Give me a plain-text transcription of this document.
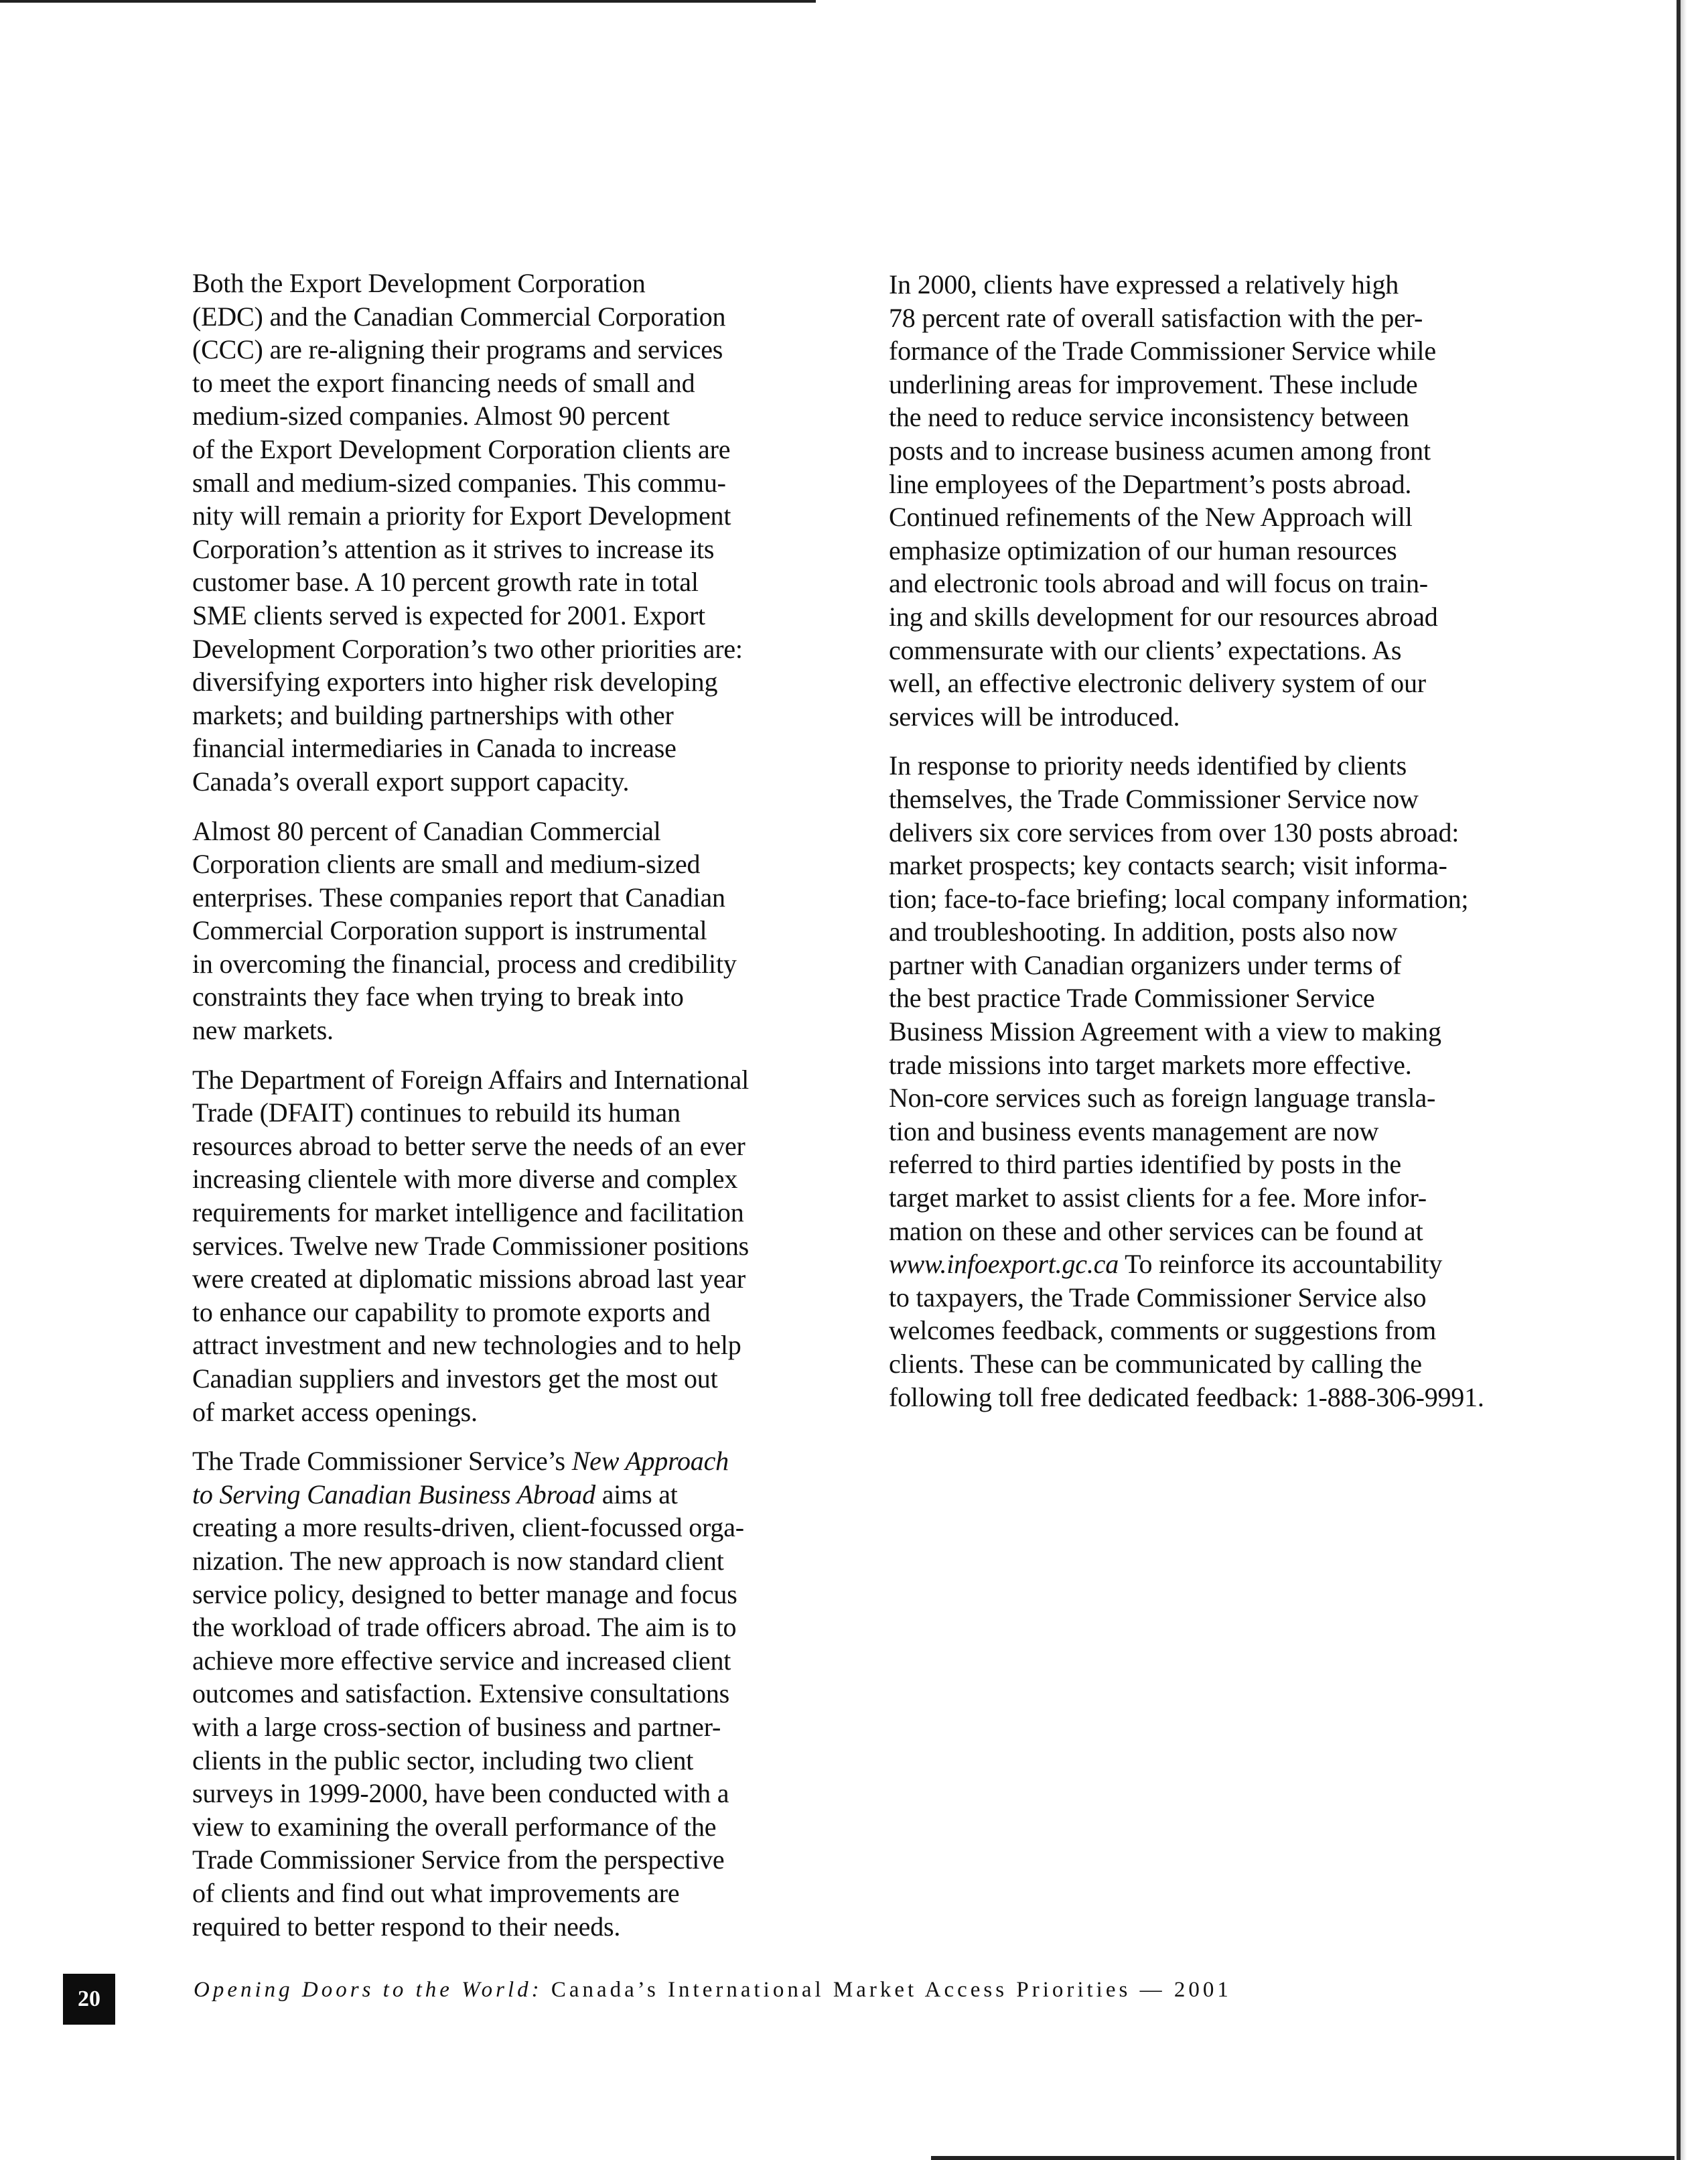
Both the Export Development Corporation
(EDC) and the Canadian Commercial Corporation
(CCC) are re-aligning their programs and services
to meet the export financing needs of small and
medium-sized companies. Almost 90 percent
of the Export Development Corporation clients are
small and medium-sized companies. This commu-
nity will remain a priority for Export Development
Corporation’s attention as it strives to increase its
customer base. A 10 percent growth rate in total
SME clients served is expected for 2001. Export
Development Corporation’s two other priorities are:
diversifying exporters into higher risk developing
markets; and building partnerships with other
financial intermediaries in Canada to increase
Canada’s overall export support capacity.

Almost 80 percent of Canadian Commercial
Corporation clients are small and medium-sized
enterprises. These companies report that Canadian
Commercial Corporation support is instrumental
in overcoming the financial, process and credibility
constraints they face when trying to break into
new markets.

The Department of Foreign Affairs and International
Trade (DFAIT) continues to rebuild its human
resources abroad to better serve the needs of an ever
increasing clientele with more diverse and complex
requirements for market intelligence and facilitation
services. Twelve new Trade Commissioner positions
were created at diplomatic missions abroad last year
to enhance our capability to promote exports and
attract investment and new technologies and to help
Canadian suppliers and investors get the most out
of market access openings.

The Trade Commissioner Service’s New Approach
to Serving Canadian Business Abroad aims at
creating a more results-driven, client-focussed orga-
nization. The new approach is now standard client
service policy, designed to better manage and focus
the workload of trade officers abroad. The aim is to
achieve more effective service and increased client
outcomes and satisfaction. Extensive consultations
with a large cross-section of business and partner-
clients in the public sector, including two client
surveys in 1999-2000, have been conducted with a
view to examining the overall performance of the
Trade Commissioner Service from the perspective
of clients and find out what improvements are
required to better respond to their needs.

In 2000, clients have expressed a relatively high
78 percent rate of overall satisfaction with the per-
formance of the Trade Commissioner Service while
underlining areas for improvement. These include
the need to reduce service inconsistency between
posts and to increase business acumen among front
line employees of the Department’s posts abroad.
Continued refinements of the New Approach will
emphasize optimization of our human resources
and electronic tools abroad and will focus on train-
ing and skills development for our resources abroad
commensurate with our clients’ expectations. As
well, an effective electronic delivery system of our
services will be introduced.

In response to priority needs identified by clients
themselves, the Trade Commissioner Service now
delivers six core services from over 130 posts abroad:
market prospects; key contacts search; visit informa-
tion; face-to-face briefing; local company information;
and troubleshooting. In addition, posts also now
partner with Canadian organizers under terms of
the best practice Trade Commissioner Service
Business Mission Agreement with a view to making
trade missions into target markets more effective.
Non-core services such as foreign language transla-
tion and business events management are now
referred to third parties identified by posts in the
target market to assist clients for a fee. More infor-
mation on these and other services can be found at
www.infoexport.gc.ca To reinforce its accountability
to taxpayers, the Trade Commissioner Service also
welcomes feedback, comments or suggestions from
clients. These can be communicated by calling the
following toll free dedicated feedback: 1-888-306-9991.

20	Opening Doors to the World: Canada’s International Market Access Priorities — 2001
